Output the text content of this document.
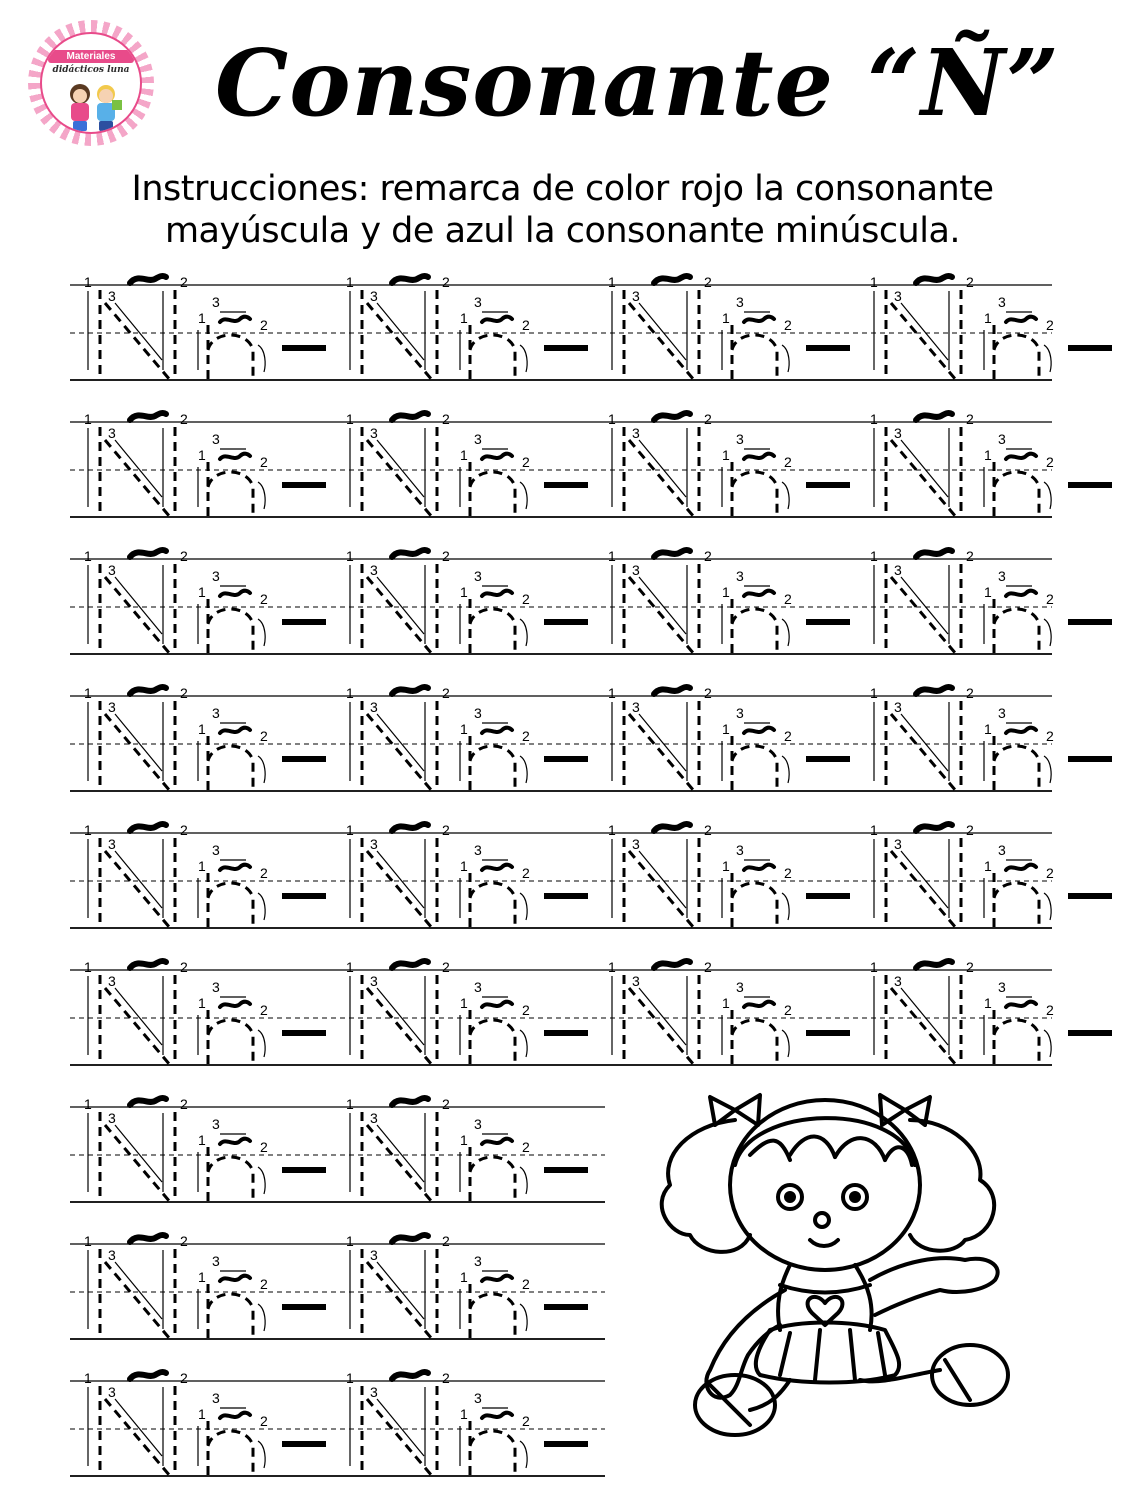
Materiales
didácticos luna Consonante “Ñ”
Instrucciones: remarca de color rojo la consonante
mayúscula y de azul la consonante minúscula.
1
3
2
1
3
2
1
3
2
1
3
2
1
3
2
1
3
2
1
3
2
1
3
2
1
3
2
1
3
2
1
3
2
1
3
2
1
3
2
1
3
2
1
3
2
1
3
2
1
3
2
1
3
2
1
3
2
1
3
2
1
3
2
1
3
2
1
3
2
1
3
2
1
3
2
1
3
2
1
3
2
1
3
2
1
3
2
1
3
2
1
3
2
1
3
2
1
3
2
1
3
2
1
3
2
1
3
2
1
3
2
1
3
2
1
3
2
1
3
2
1
3
2
1
3
2
1
3
2
1
3
2
1
3
2
1
3
2
1
3
2
1
3
2
1
3
2
1
3
2
1
3
2
1
3
2
1
3
2
1
3
2
1
3
2
1
3
2
1
3
2
1
3
2
1
3
2
1
3
2
